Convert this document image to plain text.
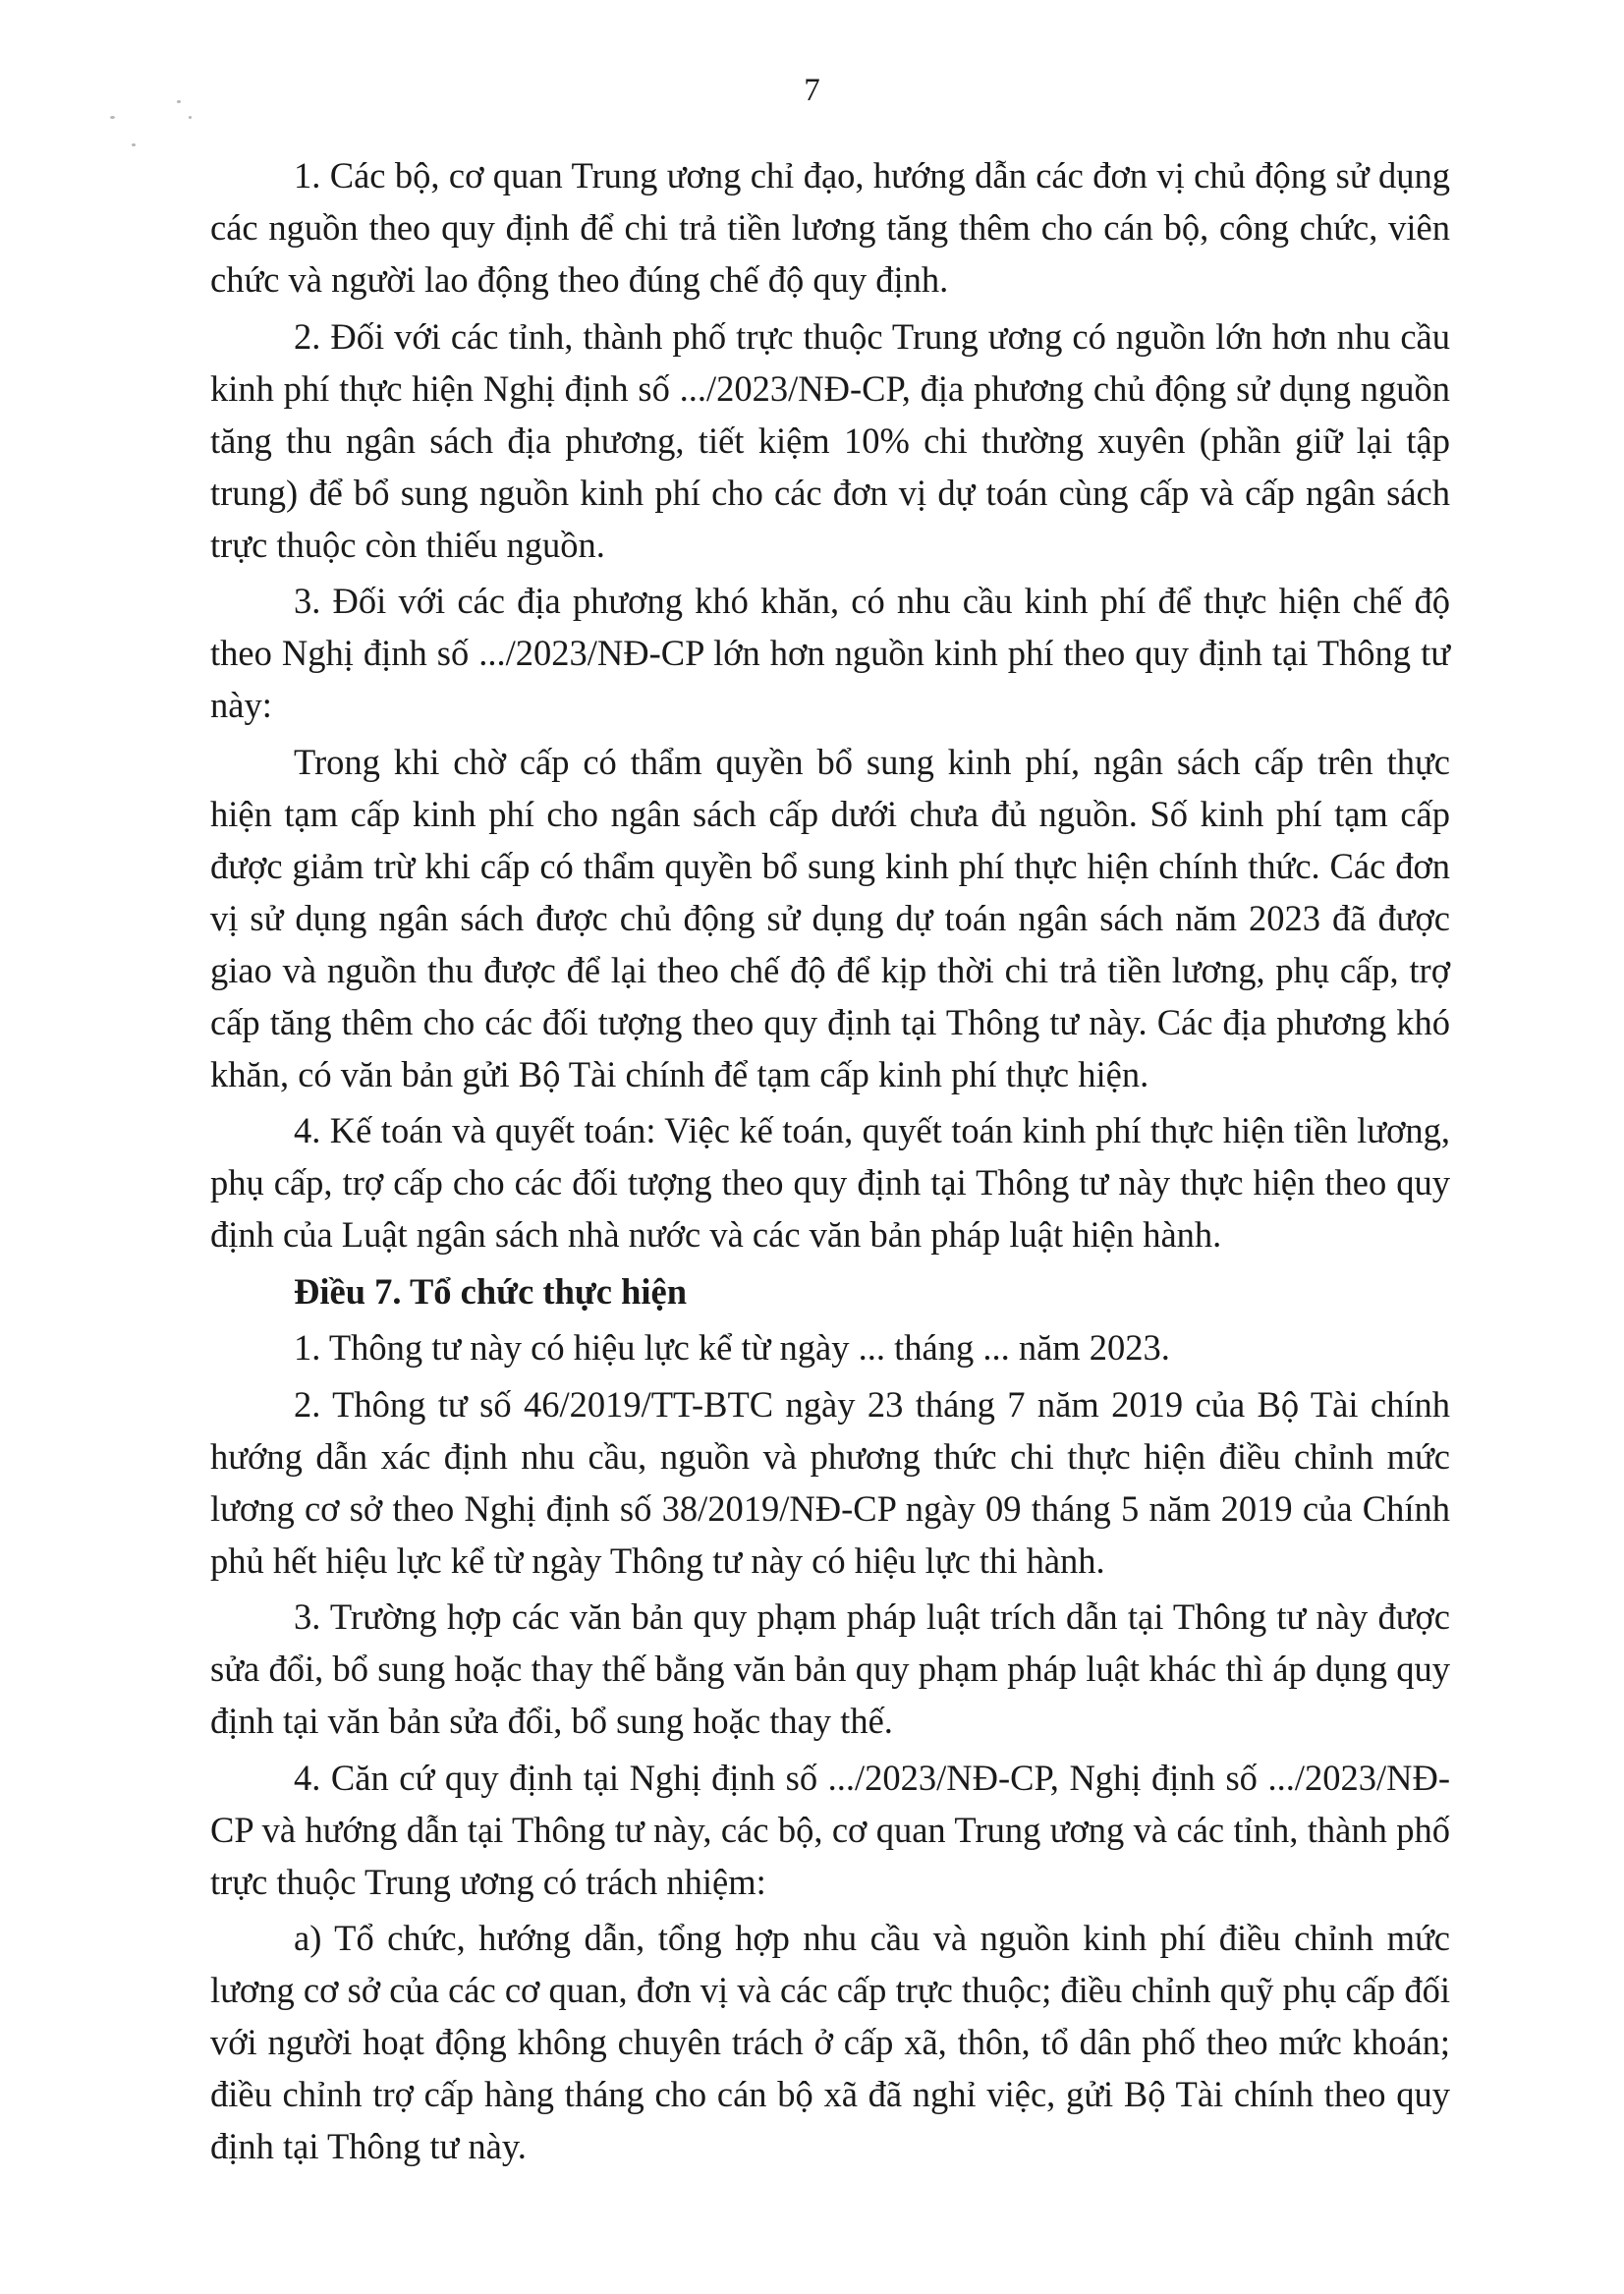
7

1. Các bộ, cơ quan Trung ương chỉ đạo, hướng dẫn các đơn vị chủ động sử dụng các nguồn theo quy định để chi trả tiền lương tăng thêm cho cán bộ, công chức, viên chức và người lao động theo đúng chế độ quy định.

2. Đối với các tỉnh, thành phố trực thuộc Trung ương có nguồn lớn hơn nhu cầu kinh phí thực hiện Nghị định số .../2023/NĐ-CP, địa phương chủ động sử dụng nguồn tăng thu ngân sách địa phương, tiết kiệm 10% chi thường xuyên (phần giữ lại tập trung) để bổ sung nguồn kinh phí cho các đơn vị dự toán cùng cấp và cấp ngân sách trực thuộc còn thiếu nguồn.

3. Đối với các địa phương khó khăn, có nhu cầu kinh phí để thực hiện chế độ theo Nghị định số .../2023/NĐ-CP lớn hơn nguồn kinh phí theo quy định tại Thông tư này:

Trong khi chờ cấp có thẩm quyền bổ sung kinh phí, ngân sách cấp trên thực hiện tạm cấp kinh phí cho ngân sách cấp dưới chưa đủ nguồn. Số kinh phí tạm cấp được giảm trừ khi cấp có thẩm quyền bổ sung kinh phí thực hiện chính thức. Các đơn vị sử dụng ngân sách được chủ động sử dụng dự toán ngân sách năm 2023 đã được giao và nguồn thu được để lại theo chế độ để kịp thời chi trả tiền lương, phụ cấp, trợ cấp tăng thêm cho các đối tượng theo quy định tại Thông tư này. Các địa phương khó khăn, có văn bản gửi Bộ Tài chính để tạm cấp kinh phí thực hiện.

4. Kế toán và quyết toán: Việc kế toán, quyết toán kinh phí thực hiện tiền lương, phụ cấp, trợ cấp cho các đối tượng theo quy định tại Thông tư này thực hiện theo quy định của Luật ngân sách nhà nước và các văn bản pháp luật hiện hành.

Điều 7. Tổ chức thực hiện

1. Thông tư này có hiệu lực kể từ ngày ... tháng ... năm 2023.

2. Thông tư số 46/2019/TT-BTC ngày 23 tháng 7 năm 2019 của Bộ Tài chính hướng dẫn xác định nhu cầu, nguồn và phương thức chi thực hiện điều chỉnh mức lương cơ sở theo Nghị định số 38/2019/NĐ-CP ngày 09 tháng 5 năm 2019 của Chính phủ hết hiệu lực kể từ ngày Thông tư này có hiệu lực thi hành.

3. Trường hợp các văn bản quy phạm pháp luật trích dẫn tại Thông tư này được sửa đổi, bổ sung hoặc thay thế bằng văn bản quy phạm pháp luật khác thì áp dụng quy định tại văn bản sửa đổi, bổ sung hoặc thay thế.

4. Căn cứ quy định tại Nghị định số .../2023/NĐ-CP, Nghị định số .../2023/NĐ-CP và hướng dẫn tại Thông tư này, các bộ, cơ quan Trung ương và các tỉnh, thành phố trực thuộc Trung ương có trách nhiệm:

a) Tổ chức, hướng dẫn, tổng hợp nhu cầu và nguồn kinh phí điều chỉnh mức lương cơ sở của các cơ quan, đơn vị và các cấp trực thuộc; điều chỉnh quỹ phụ cấp đối với người hoạt động không chuyên trách ở cấp xã, thôn, tổ dân phố theo mức khoán; điều chỉnh trợ cấp hàng tháng cho cán bộ xã đã nghỉ việc, gửi Bộ Tài chính theo quy định tại Thông tư này.
